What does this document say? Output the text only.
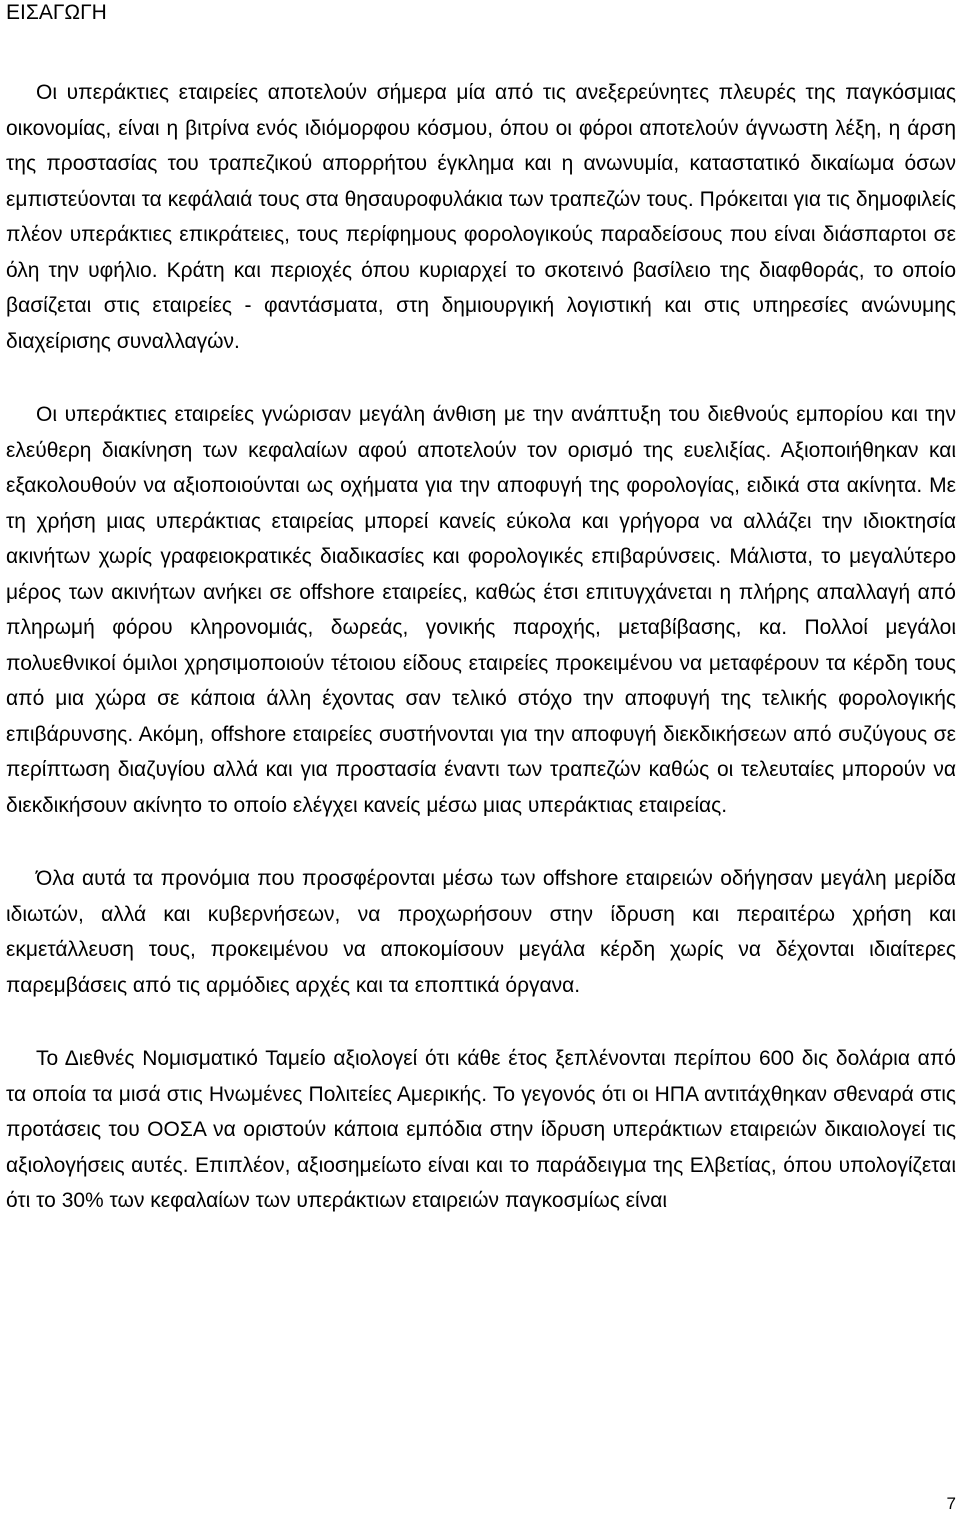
ΕΙΣΑΓΩΓΗ

Οι υπεράκτιες εταιρείες αποτελούν σήμερα μία από τις ανεξερεύνητες πλευρές της παγκόσμιας οικονομίας, είναι η βιτρίνα ενός ιδιόμορφου κόσμου, όπου οι φόροι αποτελούν άγνωστη λέξη, η άρση της προστασίας του τραπεζικού απορρήτου έγκλημα και η ανωνυμία, καταστατικό δικαίωμα όσων εμπιστεύονται τα κεφάλαιά τους στα θησαυροφυλάκια των τραπεζών τους. Πρόκειται για τις δημοφιλείς πλέον υπεράκτιες επικράτειες, τους περίφημους φορολογικούς παραδείσους που είναι διάσπαρτοι σε όλη την υφήλιο. Κράτη και περιοχές όπου κυριαρχεί το σκοτεινό βασίλειο της διαφθοράς, το οποίο βασίζεται στις εταιρείες - φαντάσματα, στη δημιουργική λογιστική και στις υπηρεσίες ανώνυμης διαχείρισης συναλλαγών.

Οι υπεράκτιες εταιρείες γνώρισαν μεγάλη άνθιση με την ανάπτυξη του διεθνούς εμπορίου και την ελεύθερη διακίνηση των κεφαλαίων αφού αποτελούν τον ορισμό της ευελιξίας. Αξιοποιήθηκαν και εξακολουθούν να αξιοποιούνται ως οχήματα για την αποφυγή της φορολογίας, ειδικά στα ακίνητα. Με τη χρήση μιας υπεράκτιας εταιρείας μπορεί κανείς εύκολα και γρήγορα να αλλάζει την ιδιοκτησία ακινήτων χωρίς γραφειοκρατικές διαδικασίες και φορολογικές επιβαρύνσεις. Μάλιστα, το μεγαλύτερο μέρος των ακινήτων ανήκει σε offshore εταιρείες, καθώς έτσι επιτυγχάνεται η πλήρης απαλλαγή από πληρωμή φόρου κληρονομιάς, δωρεάς, γονικής παροχής, μεταβίβασης, κα. Πολλοί μεγάλοι πολυεθνικοί όμιλοι χρησιμοποιούν τέτοιου είδους εταιρείες προκειμένου να μεταφέρουν τα κέρδη τους από μια χώρα σε κάποια άλλη έχοντας σαν τελικό στόχο την αποφυγή της τελικής φορολογικής επιβάρυνσης. Ακόμη, offshore εταιρείες συστήνονται για την αποφυγή διεκδικήσεων από συζύγους σε περίπτωση διαζυγίου αλλά και για προστασία έναντι των τραπεζών καθώς οι τελευταίες μπορούν να διεκδικήσουν ακίνητο το οποίο ελέγχει κανείς μέσω μιας υπεράκτιας εταιρείας.

Όλα αυτά τα προνόμια που προσφέρονται μέσω των offshore εταιρειών οδήγησαν μεγάλη μερίδα ιδιωτών, αλλά και κυβερνήσεων, να προχωρήσουν στην ίδρυση και περαιτέρω χρήση και εκμετάλλευση τους, προκειμένου να αποκομίσουν μεγάλα κέρδη χωρίς να δέχονται ιδιαίτερες παρεμβάσεις από τις αρμόδιες αρχές και τα εποπτικά όργανα.

Το Διεθνές Νομισματικό Ταμείο αξιολογεί ότι κάθε έτος ξεπλένονται περίπου 600 δις δολάρια από τα οποία τα μισά στις Ηνωμένες Πολιτείες Αμερικής. Το γεγονός ότι οι ΗΠΑ αντιτάχθηκαν σθεναρά στις προτάσεις του ΟΟΣΑ να οριστούν κάποια εμπόδια στην ίδρυση υπεράκτιων εταιρειών δικαιολογεί τις αξιολογήσεις αυτές. Επιπλέον, αξιοσημείωτο είναι και το παράδειγμα της Ελβετίας, όπου υπολογίζεται ότι το 30% των κεφαλαίων των υπεράκτιων εταιρειών παγκοσμίως είναι

7
